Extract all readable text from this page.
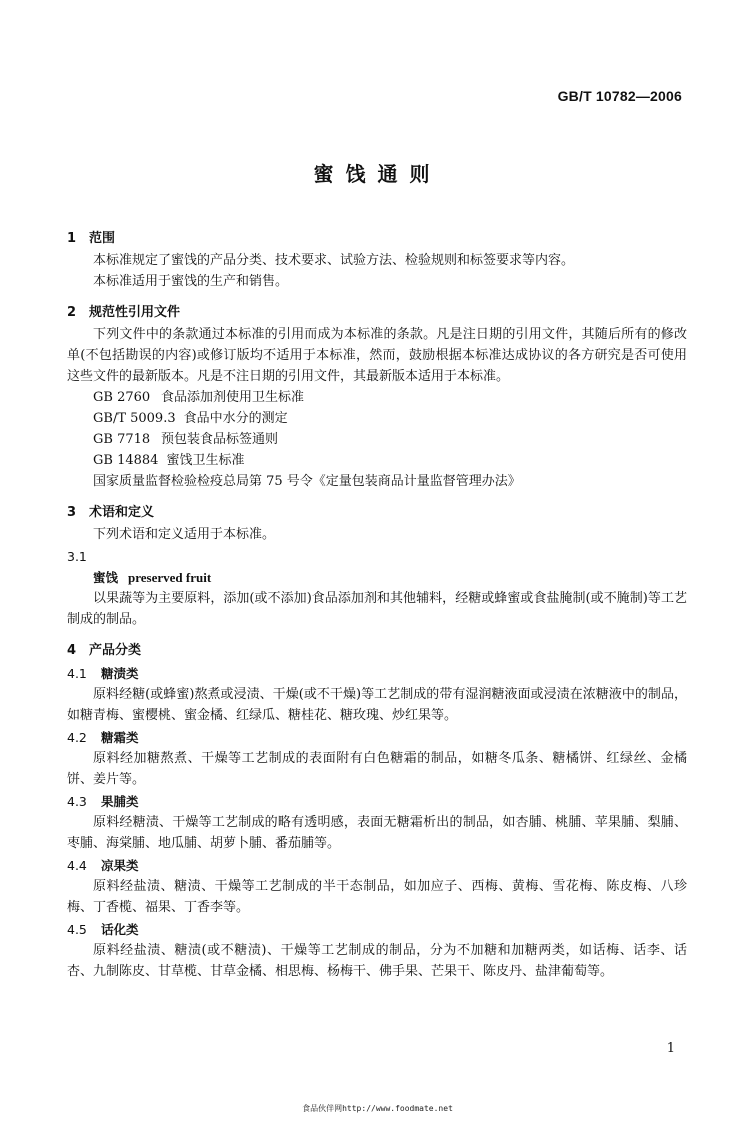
GB/T 10782—2006
蜜饯通则
1 范围
本标准规定了蜜饯的产品分类、技术要求、试验方法、检验规则和标签要求等内容。
本标准适用于蜜饯的生产和销售。
2 规范性引用文件
下列文件中的条款通过本标准的引用而成为本标准的条款。凡是注日期的引用文件，其随后所有的修改单(不包括勘误的内容)或修订版均不适用于本标准，然而，鼓励根据本标准达成协议的各方研究是否可使用这些文件的最新版本。凡是不注日期的引用文件，其最新版本适用于本标准。
GB 2760 食品添加剂使用卫生标准
GB/T 5009.3 食品中水分的测定
GB 7718 预包装食品标签通则
GB 14884 蜜饯卫生标准
国家质量监督检验检疫总局第 75 号令《定量包装商品计量监督管理办法》
3 术语和定义
下列术语和定义适用于本标准。
3.1
蜜饯 preserved fruit
以果蔬等为主要原料，添加(或不添加)食品添加剂和其他辅料，经糖或蜂蜜或食盐腌制(或不腌制)等工艺制成的制品。
4 产品分类
4.1 糖渍类
原料经糖(或蜂蜜)熬煮或浸渍、干燥(或不干燥)等工艺制成的带有湿润糖液面或浸渍在浓糖液中的制品，如糖青梅、蜜樱桃、蜜金橘、红绿瓜、糖桂花、糖玫瑰、炒红果等。
4.2 糖霜类
原料经加糖熬煮、干燥等工艺制成的表面附有白色糖霜的制品，如糖冬瓜条、糖橘饼、红绿丝、金橘饼、姜片等。
4.3 果脯类
原料经糖渍、干燥等工艺制成的略有透明感，表面无糖霜析出的制品，如杏脯、桃脯、苹果脯、梨脯、枣脯、海棠脯、地瓜脯、胡萝卜脯、番茄脯等。
4.4 凉果类
原料经盐渍、糖渍、干燥等工艺制成的半干态制品，如加应子、西梅、黄梅、雪花梅、陈皮梅、八珍梅、丁香榄、福果、丁香李等。
4.5 话化类
原料经盐渍、糖渍(或不糖渍)、干燥等工艺制成的制品，分为不加糖和加糖两类，如话梅、话李、话杏、九制陈皮、甘草榄、甘草金橘、相思梅、杨梅干、佛手果、芒果干、陈皮丹、盐津葡萄等。
1
食品伙伴网http://www.foodmate.net
